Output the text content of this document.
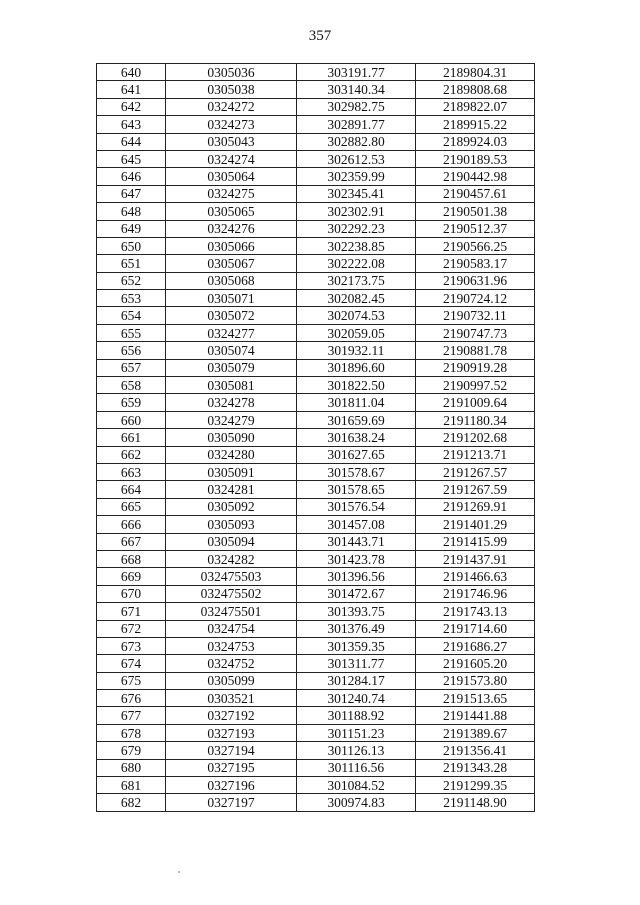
357
640	0305036	303191.77	2189804.31
641	0305038	303140.34	2189808.68
642	0324272	302982.75	2189822.07
643	0324273	302891.77	2189915.22
644	0305043	302882.80	2189924.03
645	0324274	302612.53	2190189.53
646	0305064	302359.99	2190442.98
647	0324275	302345.41	2190457.61
648	0305065	302302.91	2190501.38
649	0324276	302292.23	2190512.37
650	0305066	302238.85	2190566.25
651	0305067	302222.08	2190583.17
652	0305068	302173.75	2190631.96
653	0305071	302082.45	2190724.12
654	0305072	302074.53	2190732.11
655	0324277	302059.05	2190747.73
656	0305074	301932.11	2190881.78
657	0305079	301896.60	2190919.28
658	0305081	301822.50	2190997.52
659	0324278	301811.04	2191009.64
660	0324279	301659.69	2191180.34
661	0305090	301638.24	2191202.68
662	0324280	301627.65	2191213.71
663	0305091	301578.67	2191267.57
664	0324281	301578.65	2191267.59
665	0305092	301576.54	2191269.91
666	0305093	301457.08	2191401.29
667	0305094	301443.71	2191415.99
668	0324282	301423.78	2191437.91
669	032475503	301396.56	2191466.63
670	032475502	301472.67	2191746.96
671	032475501	301393.75	2191743.13
672	0324754	301376.49	2191714.60
673	0324753	301359.35	2191686.27
674	0324752	301311.77	2191605.20
675	0305099	301284.17	2191573.80
676	0303521	301240.74	2191513.65
677	0327192	301188.92	2191441.88
678	0327193	301151.23	2191389.67
679	0327194	301126.13	2191356.41
680	0327195	301116.56	2191343.28
681	0327196	301084.52	2191299.35
682	0327197	300974.83	2191148.90
